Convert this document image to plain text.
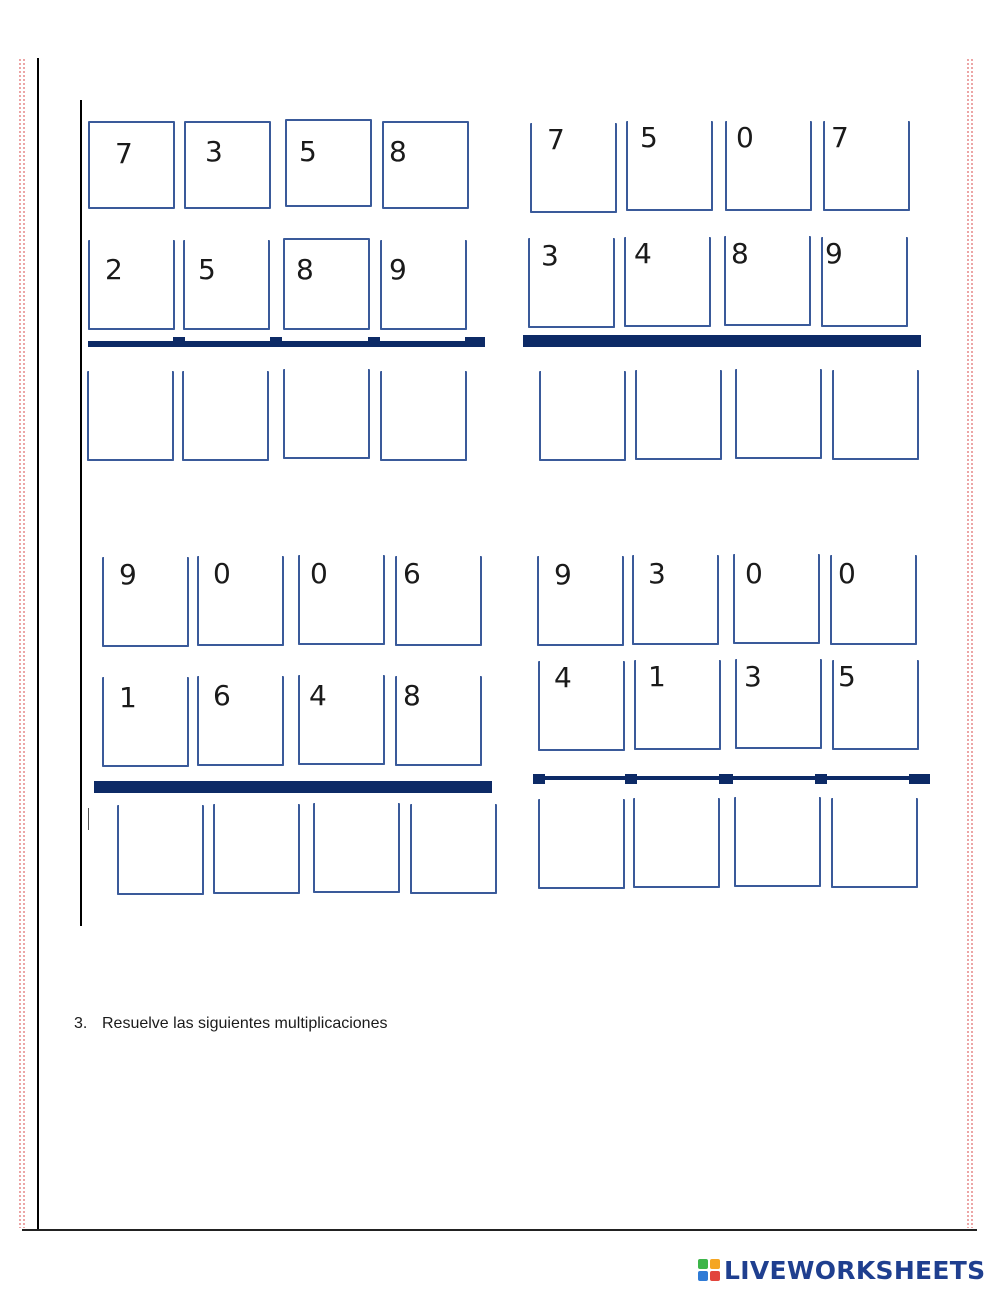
7	3	5	8
2	5	8	9
7	5	0	7
3	4	8	9
9	0	0	6
1	6	4	8
9	3	0	0
4	1	3	5
3. Resuelve las siguientes multiplicaciones
LIVEWORKSHEETS
